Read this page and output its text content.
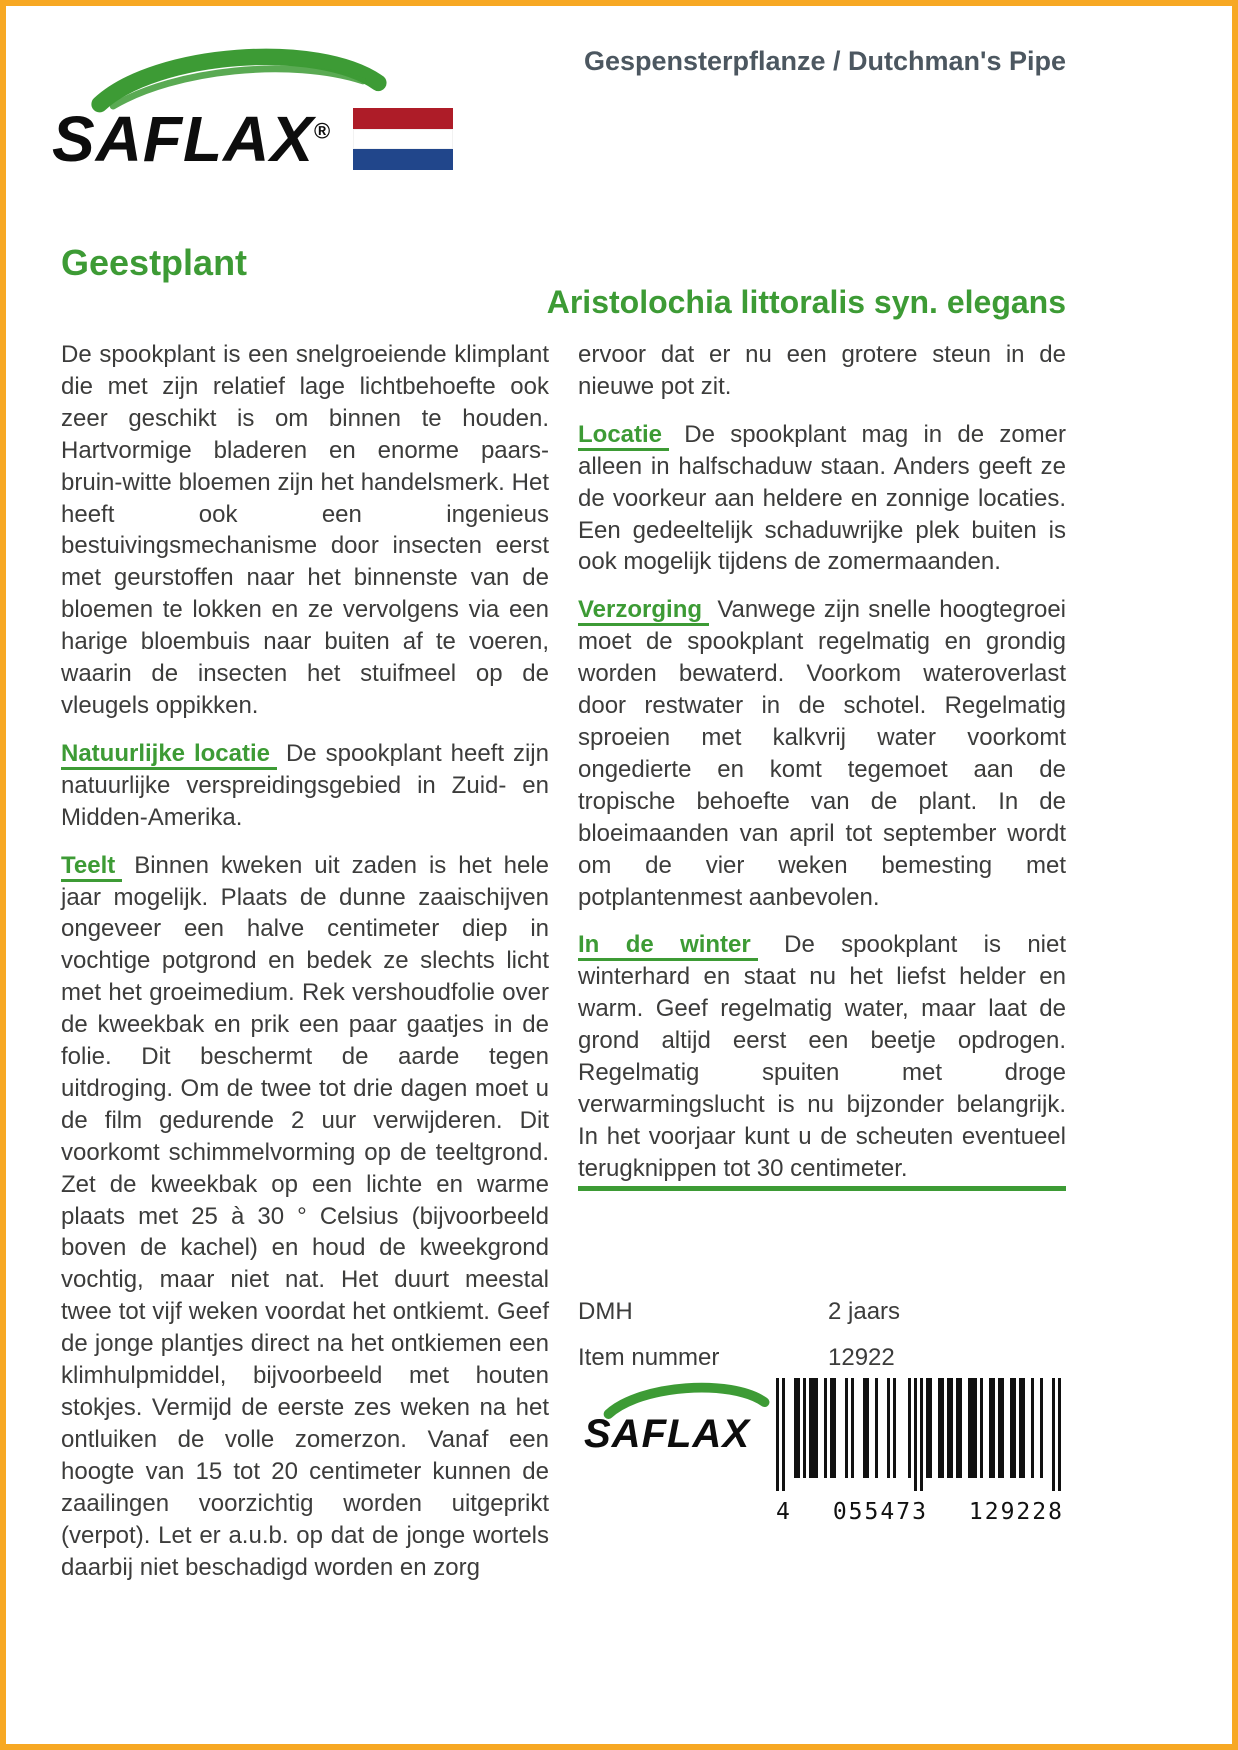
SAFLAX®
Gespensterpflanze / Dutchman's Pipe
Geestplant
Aristolochia littoralis syn. elegans

De spookplant is een snelgroeiende klimplant die met zijn relatief lage lichtbehoefte ook zeer geschikt is om binnen te houden. Hartvormige bladeren en enorme paars-bruin-witte bloemen zijn het handelsmerk. Het heeft ook een ingenieus bestuivingsmechanisme door insecten eerst met geurstoffen naar het binnenste van de bloemen te lokken en ze vervolgens via een harige bloembuis naar buiten af te voeren, waarin de insecten het stuifmeel op de vleugels oppikken.

Natuurlijke locatie De spookplant heeft zijn natuurlijke verspreidingsgebied in Zuid- en Midden-Amerika.

Teelt Binnen kweken uit zaden is het hele jaar mogelijk. Plaats de dunne zaaischijven ongeveer een halve centimeter diep in vochtige potgrond en bedek ze slechts licht met het groeimedium. Rek vershoudfolie over de kweekbak en prik een paar gaatjes in de folie. Dit beschermt de aarde tegen uitdroging. Om de twee tot drie dagen moet u de film gedurende 2 uur verwijderen. Dit voorkomt schimmelvorming op de teeltgrond. Zet de kweekbak op een lichte en warme plaats met 25 à 30 ° Celsius (bijvoorbeeld boven de kachel) en houd de kweekgrond vochtig, maar niet nat. Het duurt meestal twee tot vijf weken voordat het ontkiemt. Geef de jonge plantjes direct na het ontkiemen een klimhulpmiddel, bijvoorbeeld met houten stokjes. Vermijd de eerste zes weken na het ontluiken de volle zomerzon. Vanaf een hoogte van 15 tot 20 centimeter kunnen de zaailingen voorzichtig worden uitgeprikt (verpot). Let er a.u.b. op dat de jonge wortels daarbij niet beschadigd worden en zorg

ervoor dat er nu een grotere steun in de nieuwe pot zit.

Locatie De spookplant mag in de zomer alleen in halfschaduw staan. Anders geeft ze de voorkeur aan heldere en zonnige locaties. Een gedeeltelijk schaduwrijke plek buiten is ook mogelijk tijdens de zomermaanden.

Verzorging Vanwege zijn snelle hoogtegroei moet de spookplant regelmatig en grondig worden bewaterd. Voorkom wateroverlast door restwater in de schotel. Regelmatig sproeien met kalkvrij water voorkomt ongedierte en komt tegemoet aan de tropische behoefte van de plant. In de bloeimaanden van april tot september wordt om de vier weken bemesting met potplantenmest aanbevolen.

In de winter De spookplant is niet winterhard en staat nu het liefst helder en warm. Geef regelmatig water, maar laat de grond altijd eerst een beetje opdrogen. Regelmatig spuiten met droge verwarmingslucht is nu bijzonder belangrijk. In het voorjaar kunt u de scheuten eventueel terugknippen tot 30 centimeter.

DMH	2 jaars
Item nummer	12922
SAFLAX
4 055473 129228
